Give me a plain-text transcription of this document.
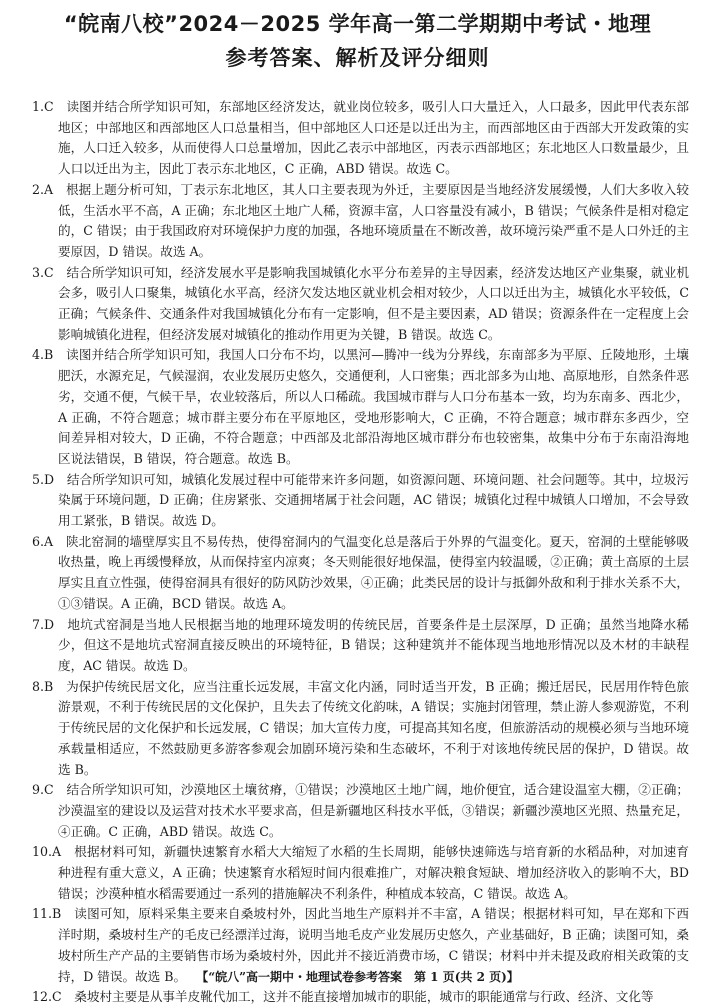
“皖南八校”2024－2025 学年高一第二学期期中考试・地理
参考答案、解析及评分细则

1.C　读图并结合所学知识可知，东部地区经济发达，就业岗位较多，吸引人口大量迁入，人口最多，因此甲代表东部地区；中部地区和西部地区人口总量相当，但中部地区人口还是以迁出为主，而西部地区由于西部大开发政策的实施，人口迁入较多，从而使得人口总量增加，因此乙表示中部地区，丙表示西部地区；东北地区人口数量最少，且人口以迁出为主，因此丁表示东北地区，C 正确，ABD 错误。故选 C。

2.A　根据上题分析可知，丁表示东北地区，其人口主要表现为外迁，主要原因是当地经济发展缓慢，人们大多收入较低，生活水平不高，A 正确；东北地区土地广人稀，资源丰富，人口容量没有减小，B 错误；气候条件是相对稳定的，C 错误；由于我国政府对环境保护力度的加强，各地环境质量在不断改善，故环境污染严重不是人口外迁的主要原因，D 错误。故选 A。

3.C　结合所学知识可知，经济发展水平是影响我国城镇化水平分布差异的主导因素，经济发达地区产业集聚，就业机会多，吸引人口聚集，城镇化水平高，经济欠发达地区就业机会相对较少，人口以迁出为主，城镇化水平较低，C 正确；气候条件、交通条件对我国城镇化分布有一定影响，但不是主要因素，AD 错误；资源条件在一定程度上会影响城镇化进程，但经济发展对城镇化的推动作用更为关键，B 错误。故选 C。

4.B　读图并结合所学知识可知，我国人口分布不均，以黑河—腾冲一线为分界线，东南部多为平原、丘陵地形，土壤肥沃，水源充足，气候湿润，农业发展历史悠久，交通便利，人口密集；西北部多为山地、高原地形，自然条件恶劣，交通不便，气候干旱，农业较落后，所以人口稀疏。我国城市群与人口分布基本一致，均为东南多、西北少，A 正确，不符合题意；城市群主要分布在平原地区，受地形影响大，C 正确，不符合题意；城市群东多西少，空间差异相对较大，D 正确，不符合题意；中西部及北部沿海地区城市群分布也较密集，故集中分布于东南沿海地区说法错误，B 错误，符合题意。故选 B。

5.D　结合所学知识可知，城镇化发展过程中可能带来许多问题，如资源问题、环境问题、社会问题等。其中，垃圾污染属于环境问题，D 正确；住房紧张、交通拥堵属于社会问题，AC 错误；城镇化过程中城镇人口增加，不会导致用工紧张，B 错误。故选 D。

6.A　陕北窑洞的墙壁厚实且不易传热，使得窑洞内的气温变化总是落后于外界的气温变化。夏天，窑洞的土壁能够吸收热量，晚上再缓慢释放，从而保持室内凉爽；冬天则能很好地保温，使得室内较温暖，②正确；黄土高原的土层厚实且直立性强，使得窑洞具有很好的防风防沙效果，④正确；此类民居的设计与抵御外敌和利于排水关系不大，①③错误。A 正确，BCD 错误。故选 A。

7.D　地坑式窑洞是当地人民根据当地的地理环境发明的传统民居，首要条件是土层深厚，D 正确；虽然当地降水稀少，但这不是地坑式窑洞直接反映出的环境特征，B 错误；这种建筑并不能体现当地地形情况以及木材的丰缺程度，AC 错误。故选 D。

8.B　为保护传统民居文化，应当注重长远发展，丰富文化内涵，同时适当开发，B 正确；搬迁居民，民居用作特色旅游景观，不利于传统民居的文化保护，且失去了传统文化韵味，A 错误；实施封闭管理，禁止游人参观游览，不利于传统民居的文化保护和长远发展，C 错误；加大宣传力度，可提高其知名度，但旅游活动的规模必须与当地环境承载量相适应，不然鼓励更多游客参观会加剧环境污染和生态破坏，不利于对该地传统民居的保护，D 错误。故选 B。

9.C　结合所学知识可知，沙漠地区土壤贫瘠，①错误；沙漠地区土地广阔，地价便宜，适合建设温室大棚，②正确；沙漠温室的建设以及运营对技术水平要求高，但是新疆地区科技水平低，③错误；新疆沙漠地区光照、热量充足，④正确。C 正确，ABD 错误。故选 C。

10.A　根据材料可知，新疆快速繁育水稻大大缩短了水稻的生长周期，能够快速筛选与培育新的水稻品种，对加速育种进程有重大意义，A 正确；快速繁育水稻短时间内很难推广，对解决粮食短缺、增加经济收入的影响不大，BD 错误；沙漠种植水稻需要通过一系列的措施解决不利条件，种植成本较高，C 错误。故选 A。

11.B　读图可知，原料采集主要来自桑坡村外，因此当地生产原料并不丰富，A 错误；根据材料可知，早在郑和下西洋时期，桑坡村生产的毛皮已经漂洋过海，说明当地毛皮产业发展历史悠久，产业基础好，B 正确；读图可知，桑坡村所生产产品的主要销售市场为桑坡村外，因此并不接近消费市场，C 错误；材料中并未提及政府相关政策的支持，D 错误。故选 B。

12.C　桑坡村主要是从事羊皮靴代加工，这并不能直接增加城市的职能，城市的职能通常与行政、经济、文化等

【“皖八”高一期中・地理试卷参考答案　第 1 页(共 2 页)】
